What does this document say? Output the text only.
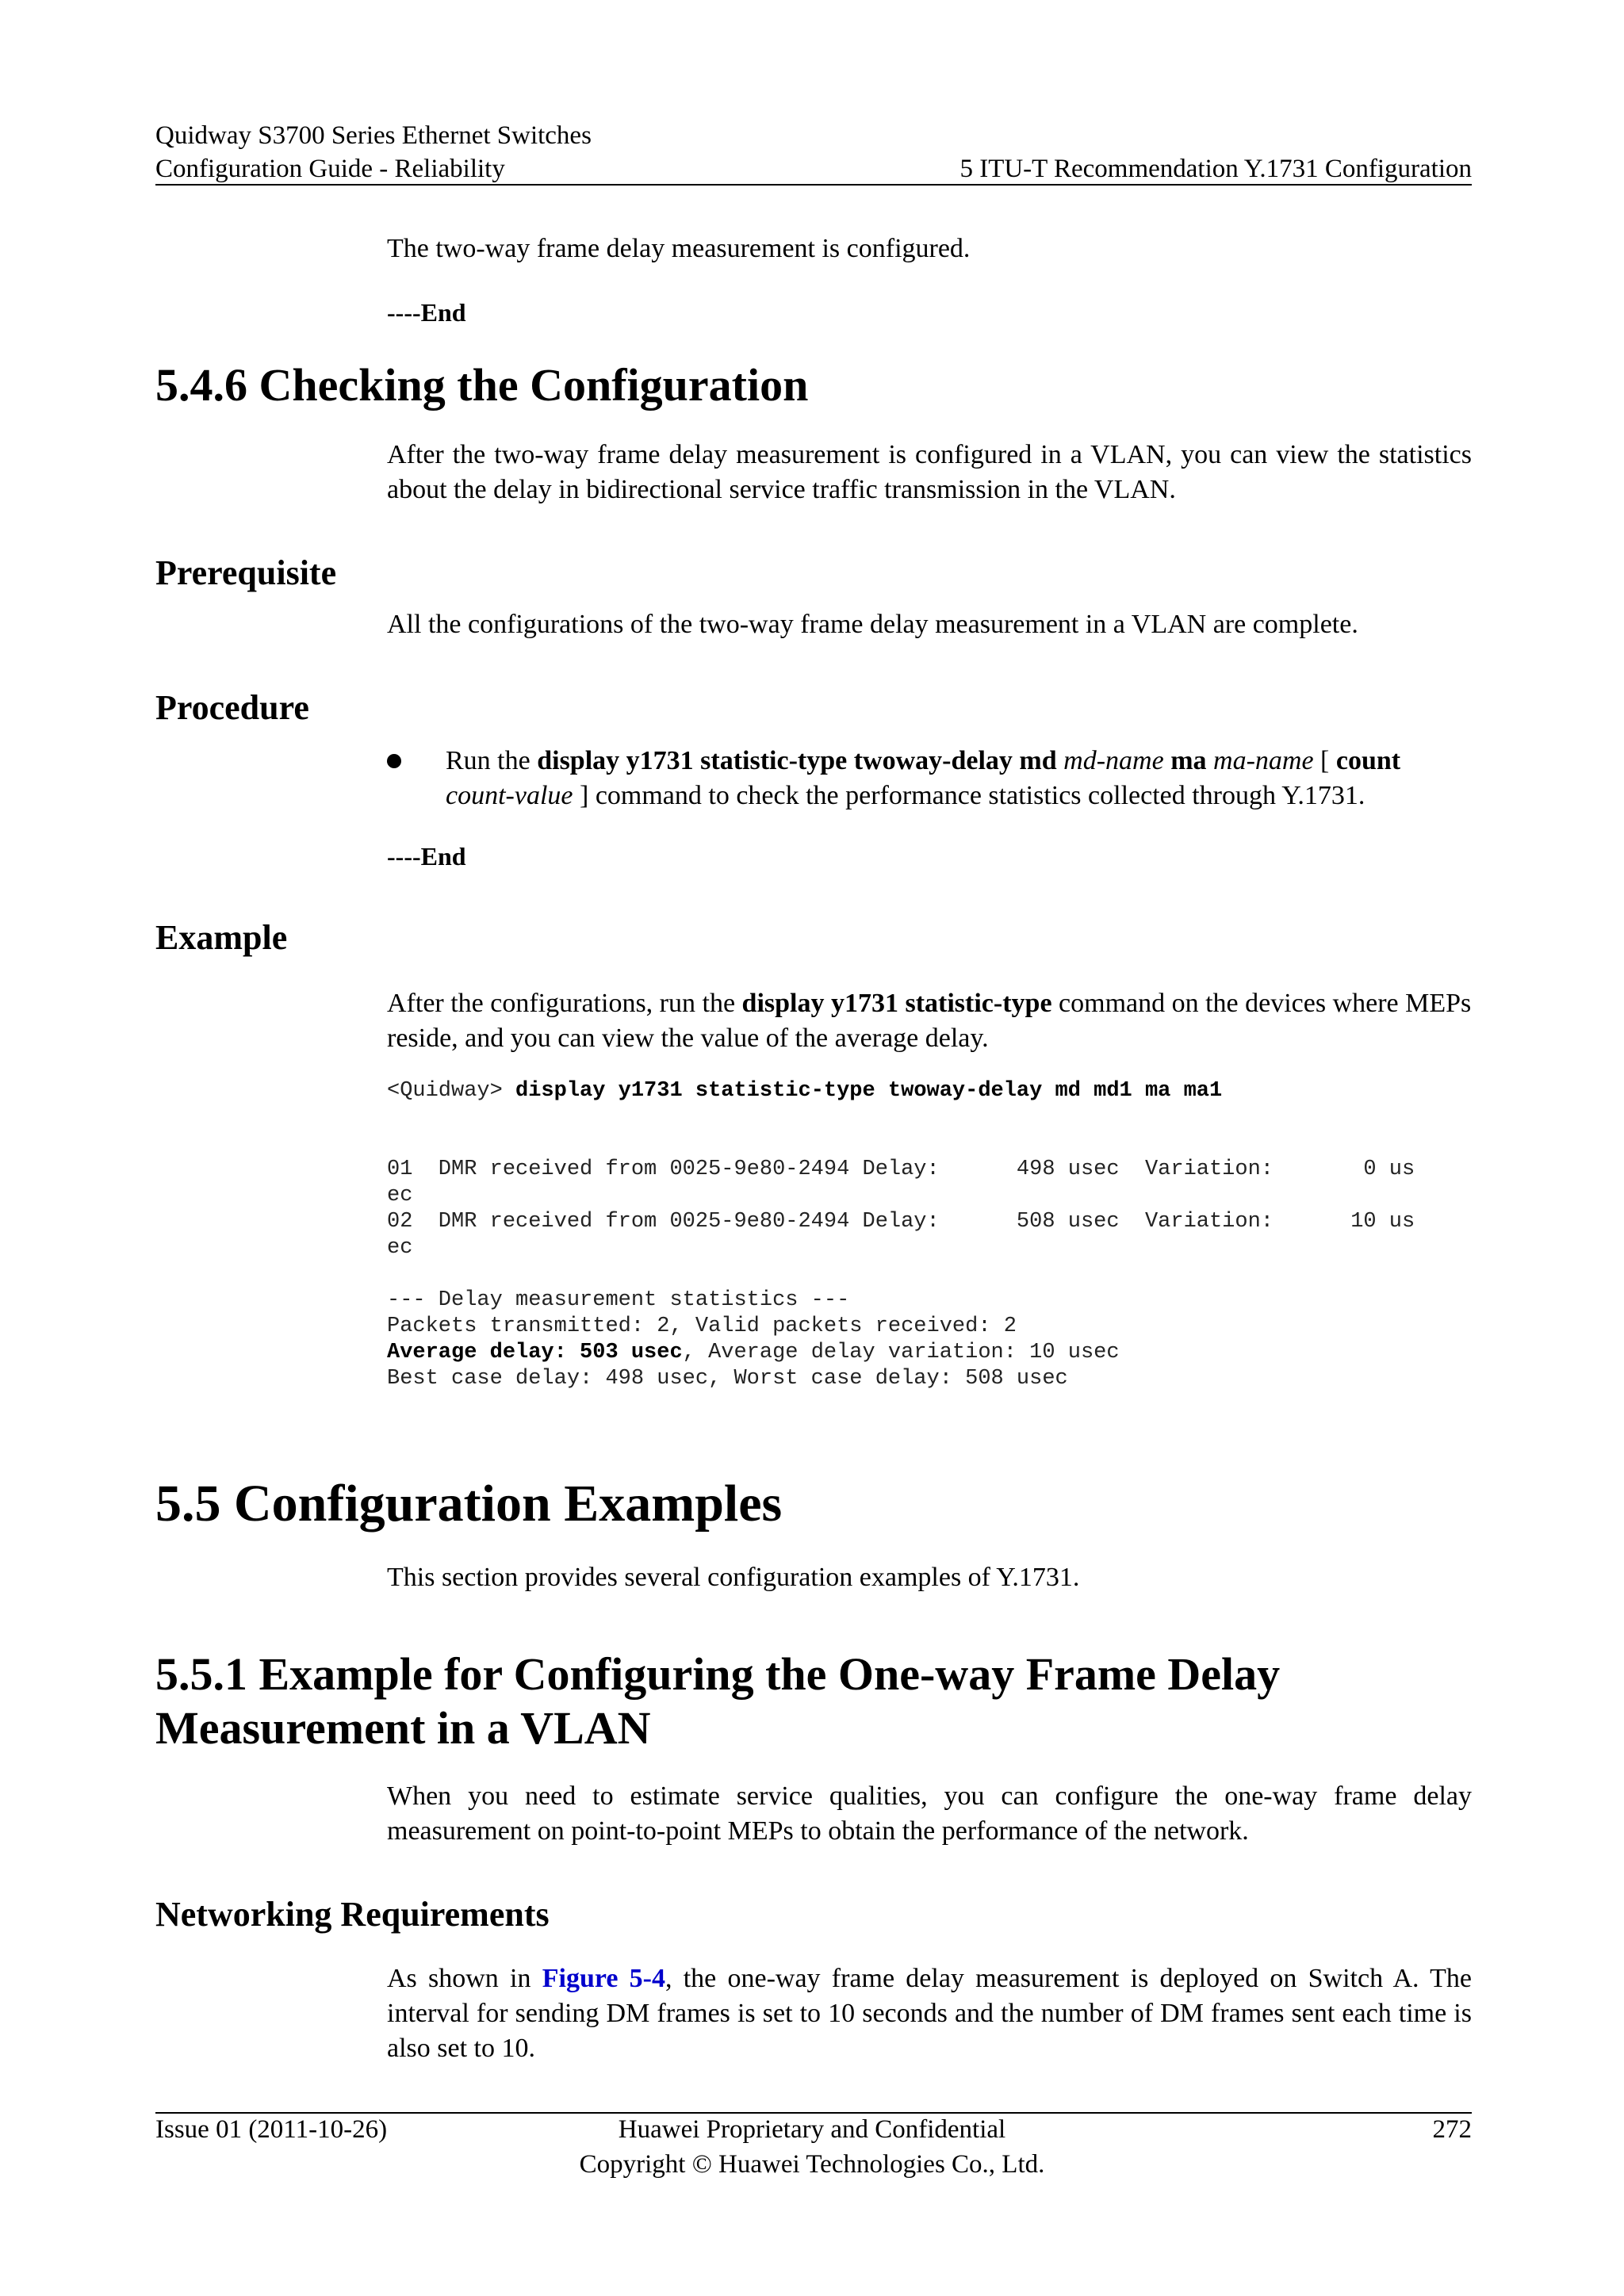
Quidway S3700 Series Ethernet Switches
Configuration Guide - Reliability	5 ITU-T Recommendation Y.1731 Configuration
The two-way frame delay measurement is configured.
----End
5.4.6 Checking the Configuration
After the two-way frame delay measurement is configured in a VLAN, you can view the statistics about the delay in bidirectional service traffic transmission in the VLAN.
Prerequisite
All the configurations of the two-way frame delay measurement in a VLAN are complete.
Procedure
Run the display y1731 statistic-type twoway-delay md md-name ma ma-name [ count
count-value ] command to check the performance statistics collected through Y.1731.
----End
Example
After the configurations, run the display y1731 statistic-type command on the devices where MEPs reside, and you can view the value of the average delay.
<Quidway> display y1731 statistic-type twoway-delay md md1 ma ma1
01  DMR received from 0025-9e80-2494 Delay:      498 usec  Variation:       0 us
ec
02  DMR received from 0025-9e80-2494 Delay:      508 usec  Variation:      10 us
ec
--- Delay measurement statistics ---
Packets transmitted: 2, Valid packets received: 2
Average delay: 503 usec, Average delay variation: 10 usec
Best case delay: 498 usec, Worst case delay: 508 usec
5.5 Configuration Examples
This section provides several configuration examples of Y.1731.
5.5.1 Example for Configuring the One-way Frame Delay
Measurement in a VLAN
When you need to estimate service qualities, you can configure the one-way frame delay measurement on point-to-point MEPs to obtain the performance of the network.
Networking Requirements
As shown in Figure 5-4, the one-way frame delay measurement is deployed on Switch A. The interval for sending DM frames is set to 10 seconds and the number of DM frames sent each time is also set to 10.
Issue 01 (2011-10-26)	Huawei Proprietary and Confidential
Copyright © Huawei Technologies Co., Ltd.
272
